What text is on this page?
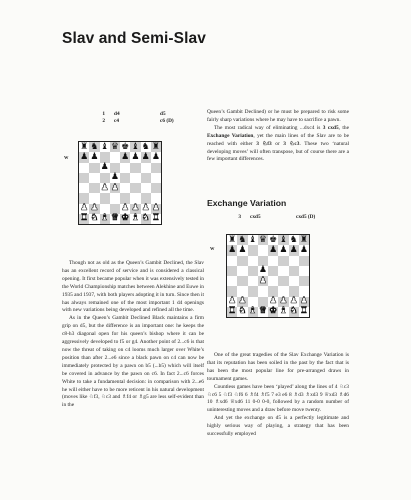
Slav and Semi-Slav
1	d4	d5
2	c4	c6 (D)
W
♜ ♞ ♝ ♛ ♚ ♝ ♞ ♜
♟ ♟	♟ ♟ ♟ ♟
♟
♟
♟ ♟
♟ ♟	♟ ♟ ♟ ♟
♜ ♞ ♝ ♛ ♚ ♝ ♞ ♜

Though not as old as the Queen’s Gambit Declined, the Slav has an excellent record of service and is considered a classical opening. It first became popular when it was extensively tested in the World Championship matches between Alekhine and Euwe in 1935 and 1937, with both players adopting it in turn. Since then it has always remained one of the most important 1 d4 openings with new variations being developed and refined all the time.

As in the Queen’s Gambit Declined Black maintains a firm grip on d5, but the difference is an important one: he keeps the c8-h3 diagonal open for his queen’s bishop where it can be aggressively developed to f5 or g4. Another point of 2...c6 is that now the threat of taking on c4 looms much larger over White’s position than after 2...e6 since a black pawn on c4 can now be immediately protected by a pawn on b5 (...b5) which will itself be covered in advance by the pawn on c6. In fact 2...c6 forces White to take a fundamental decision: in comparison with 2...e6 he will either have to be more reticent in his natural development (moves like ♘f3, ♘c3 and ♗f4 or ♗g5 are less self-evident than in the

Queen’s Gambit Declined) or he must be prepared to risk some fairly sharp variations where he may have to sacrifice a pawn.

The most radical way of eliminating ...dxc4 is 3 cxd5, the Exchange Variation, yet the main lines of the Slav are to be reached with either 3 ♘f3 or 3 ♘c3. These two ‘natural developing moves’ will often transpose, but of course there are a few important differences.

Exchange Variation
3	cxd5	cxd5 (D)
W
♜ ♞ ♝ ♛ ♚ ♝ ♞ ♜
♟ ♟	♟ ♟ ♟ ♟
♟
♟
♟ ♟	♟ ♟ ♟ ♟
♜ ♞ ♝ ♛ ♚ ♝ ♞ ♜

One of the great tragedies of the Slav Exchange Variation is that its reputation has been soiled in the past by the fact that is has been the most popular line for pre-arranged draws in tournament games.

Countless games have been ‘played’ along the lines of 4 ♘c3 ♘c6 5 ♘f3 ♘f6 6 ♗f4 ♗f5 7 e3 e6 8 ♗d3 ♗xd3 9 ♕xd3 ♗d6 10 ♗xd6 ♕xd6 11 0-0 0-0, followed by a random number of uninteresting moves and a draw before move twenty.

And yet the exchange on d5 is a perfectly legitimate and highly serious way of playing, a strategy that has been successfully employed
